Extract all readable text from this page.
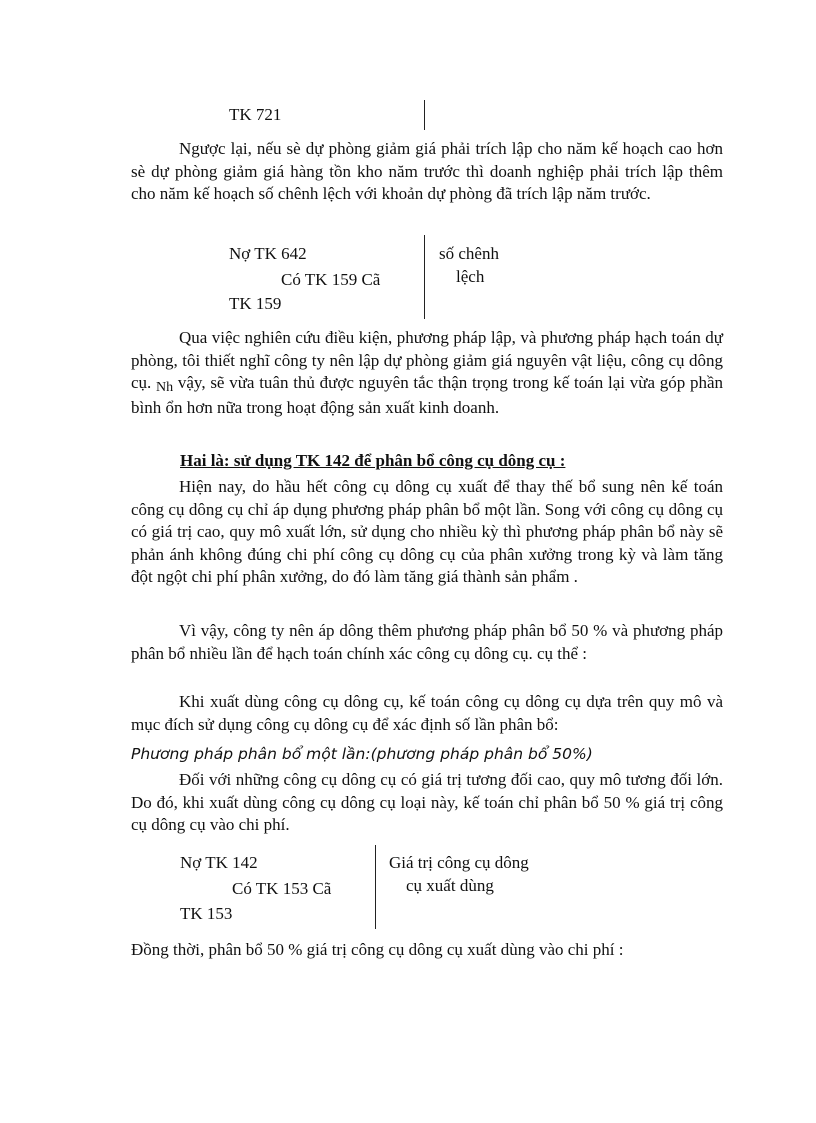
TK 721
Ngược lại, nếu sè dự phòng giảm giá phải trích lập cho năm kế hoạch cao hơn sè dự phòng giảm giá hàng tồn kho năm trước thì doanh nghiệp phải trích lập thêm cho năm kế hoạch số chênh lệch với khoản dự phòng đã trích lập năm trước.
Nợ TK 642
Có TK 159 Cã
TK 159
số chênh
lệch
Qua việc nghiên cứu điều kiện, phương pháp lập, và phương pháp hạch toán dự phòng, tôi thiết nghĩ công ty nên lập dự phòng giảm giá nguyên vật liệu, công cụ dông cụ. Nh vậy, sẽ vừa tuân thủ được nguyên tắc thận trọng trong kế toán lại vừa góp phần bình ổn hơn nữa trong hoạt động sản xuất kinh doanh.
Hai là: sử dụng TK 142 để phân bổ công cụ dông cụ :
Hiện nay, do hầu hết công cụ dông cụ xuất để thay thế bổ sung nên kế toán công cụ dông cụ chỉ áp dụng phương pháp phân bổ một lần. Song với công cụ dông cụ có giá trị cao, quy mô xuất lớn, sử dụng cho nhiều kỳ thì phương pháp phân bổ này sẽ phản ánh không đúng chi phí công cụ dông cụ của phân xưởng trong kỳ và làm tăng đột ngột chi phí phân xưởng, do đó làm tăng giá thành sản phẩm .
Vì vậy, công ty nên áp dông thêm phương pháp phân bổ 50 % và phương pháp phân bổ nhiều lần để hạch toán chính xác công cụ dông cụ. cụ thể :
Khi xuất dùng công cụ dông cụ, kế toán công cụ dông cụ dựa trên quy mô và mục đích sử dụng công cụ dông cụ để xác định số lần phân bổ:
Phương pháp phân bổ một lần:(phương pháp phân bổ 50%)
Đối với những công cụ dông cụ có giá trị tương đối cao, quy mô tương đối lớn. Do đó, khi xuất dùng công cụ dông cụ loại này, kế toán chỉ phân bổ 50 % giá trị công cụ dông cụ vào chi phí.
Nợ TK 142
Có TK 153 Cã
TK 153
Giá trị công cụ dông
cụ xuất dùng
Đồng thời, phân bổ 50 % giá trị công cụ dông cụ xuất dùng vào chi phí :
